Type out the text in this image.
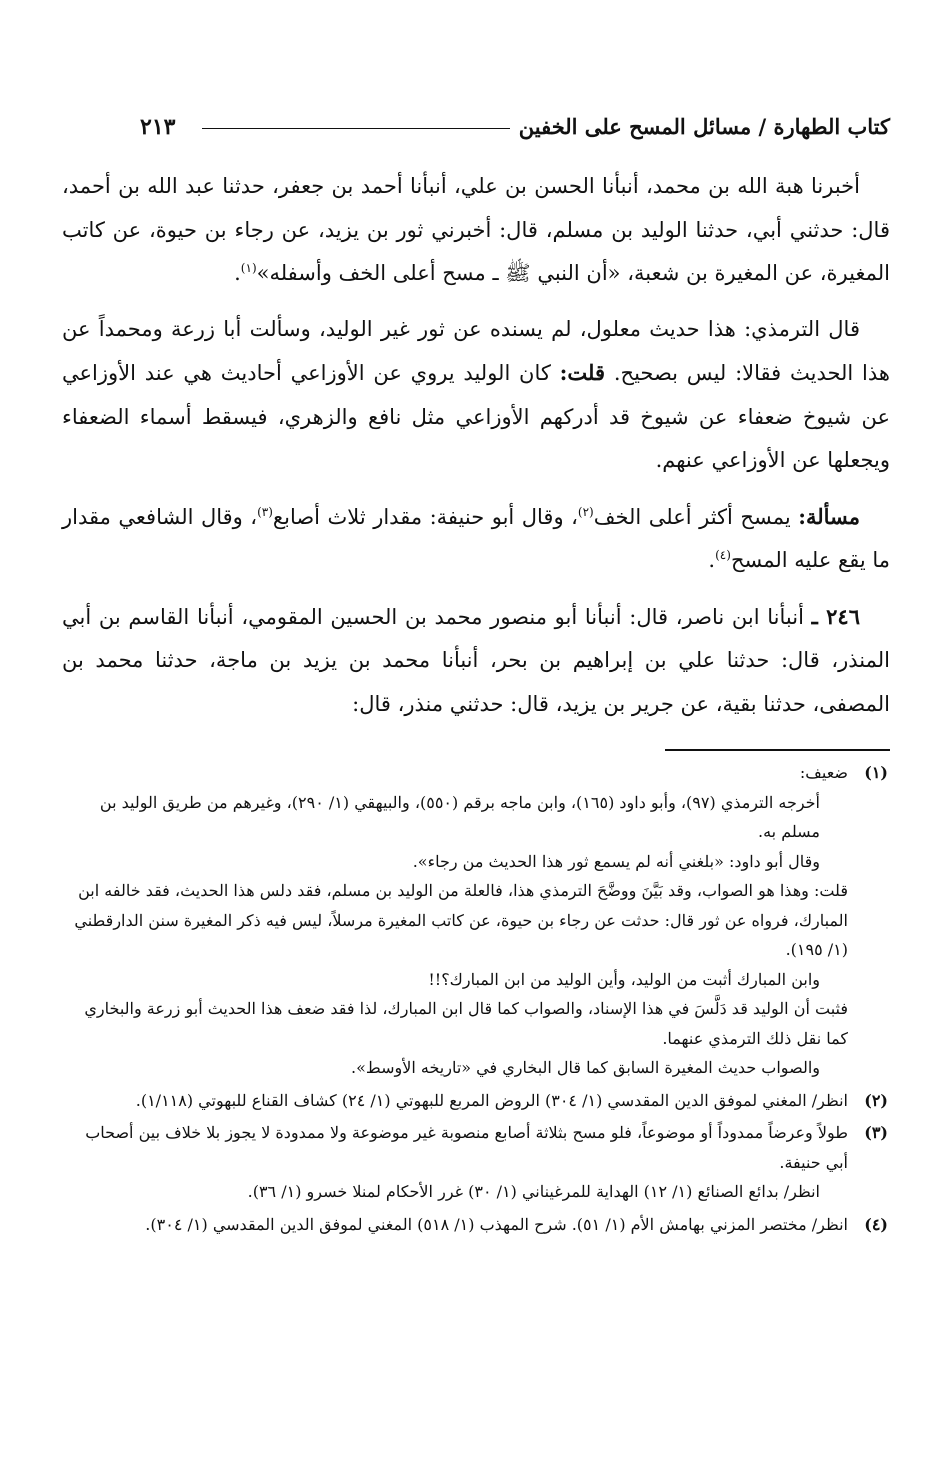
كتاب الطهارة / مسائل المسح على الخفين
٢١٣

أخبرنا هبة الله بن محمد، أنبأنا الحسن بن علي، أنبأنا أحمد بن جعفر، حدثنا عبد الله بن أحمد، قال: حدثني أبي، حدثنا الوليد بن مسلم، قال: أخبرني ثور بن يزيد، عن رجاء بن حيوة، عن كاتب المغيرة، عن المغيرة بن شعبة، «أن النبي ﷺ ـ مسح أعلى الخف وأسفله»$^{(١)}$.

قال الترمذي: هذا حديث معلول، لم يسنده عن ثور غير الوليد، وسألت أبا زرعة ومحمداً عن هذا الحديث فقالا: ليس بصحيح. قلت: كان الوليد يروي عن الأوزاعي أحاديث هي عند الأوزاعي عن شيوخ ضعفاء عن شيوخ قد أدركهم الأوزاعي مثل نافع والزهري، فيسقط أسماء الضعفاء ويجعلها عن الأوزاعي عنهم.

مسألة: يمسح أكثر أعلى الخف$^{(٢)}$، وقال أبو حنيفة: مقدار ثلاث أصابع$^{(٣)}$، وقال الشافعي مقدار ما يقع عليه المسح$^{(٤)}$.

٢٤٦ ـ أنبأنا ابن ناصر، قال: أنبأنا أبو منصور محمد بن الحسين المقومي، أنبأنا القاسم بن أبي المنذر، قال: حدثنا علي بن إبراهيم بن بحر، أنبأنا محمد بن يزيد بن ماجة، حدثنا محمد بن المصفى، حدثنا بقية، عن جرير بن يزيد، قال: حدثني منذر، قال:

(١)
ضعيف:
أخرجه الترمذي (٩٧)، وأبو داود (١٦٥)، وابن ماجه برقم (٥٥٠)، والبيهقي (١/ ٢٩٠)، وغيرهم من طريق الوليد بن مسلم به.
وقال أبو داود: «بلغني أنه لم يسمع ثور هذا الحديث من رجاء».
قلت: وهذا هو الصواب، وقد بَيَّنَ ووضَّحَ الترمذي هذا، فالعلة من الوليد بن مسلم، فقد دلس هذا الحديث، فقد خالفه ابن المبارك، فرواه عن ثور قال: حدثت عن رجاء بن حيوة، عن كاتب المغيرة مرسلاً، ليس فيه ذكر المغيرة سنن الدارقطني (١/ ١٩٥).
وابن المبارك أثبت من الوليد، وأين الوليد من ابن المبارك؟!!
فثبت أن الوليد قد دَلَّسَ في هذا الإسناد، والصواب كما قال ابن المبارك، لذا فقد ضعف هذا الحديث أبو زرعة والبخاري كما نقل ذلك الترمذي عنهما.
والصواب حديث المغيرة السابق كما قال البخاري في «تاريخه الأوسط».
(٢)
انظر/ المغني لموفق الدين المقدسي (١/ ٣٠٤) الروض المربع للبهوتي (١/ ٢٤) كشاف القناع للبهوتي (١/١١٨).
(٣)
طولاً وعرضاً ممدوداً أو موضوعاً، فلو مسح بثلاثة أصابع منصوبة غير موضوعة ولا ممدودة لا يجوز بلا خلاف بين أصحاب أبي حنيفة.
انظر/ بدائع الصنائع (١/ ١٢) الهداية للمرغيناني (١/ ٣٠) غرر الأحكام لمنلا خسرو (١/ ٣٦).
(٤)
انظر/ مختصر المزني بهامش الأم (١/ ٥١). شرح المهذب (١/ ٥١٨) المغني لموفق الدين المقدسي (١/ ٣٠٤).
